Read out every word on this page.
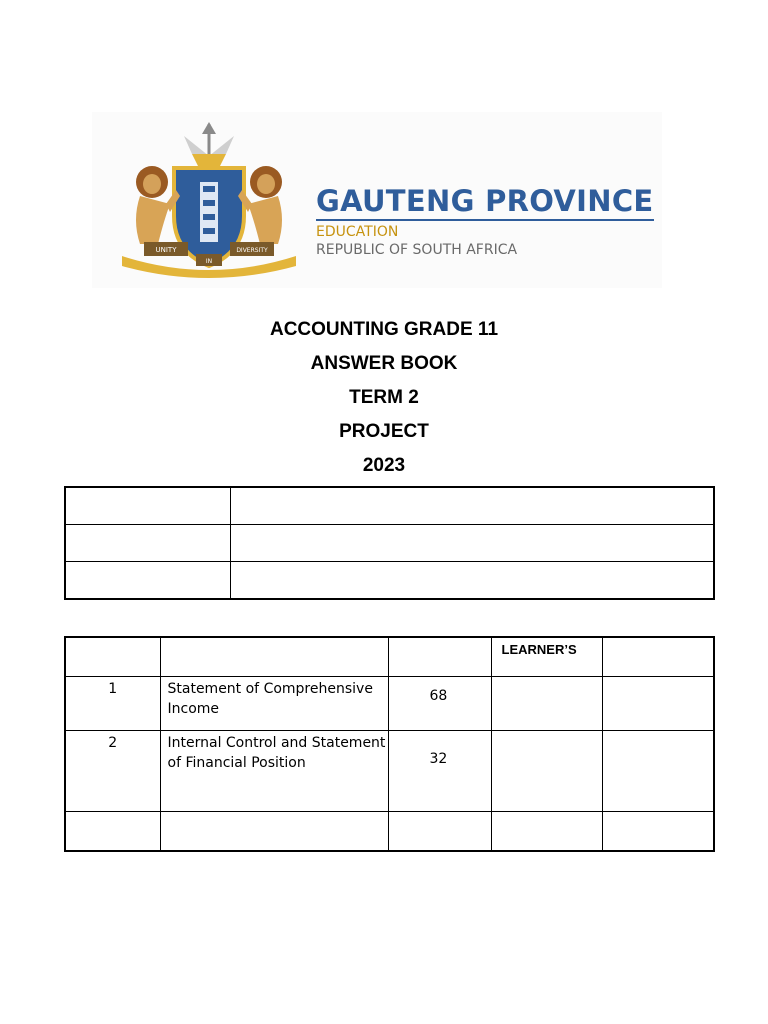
UNITY
IN
DIVERSITY
GAUTENG PROVINCE
EDUCATION
REPUBLIC OF SOUTH AFRICA
ACCOUNTING GRADE 11
ANSWER BOOK
TERM 2
PROJECT
2023

			LEARNER’S	
1	Statement of Comprehensive Income	68		
2	Internal Control and Statement of Financial Position	32		
